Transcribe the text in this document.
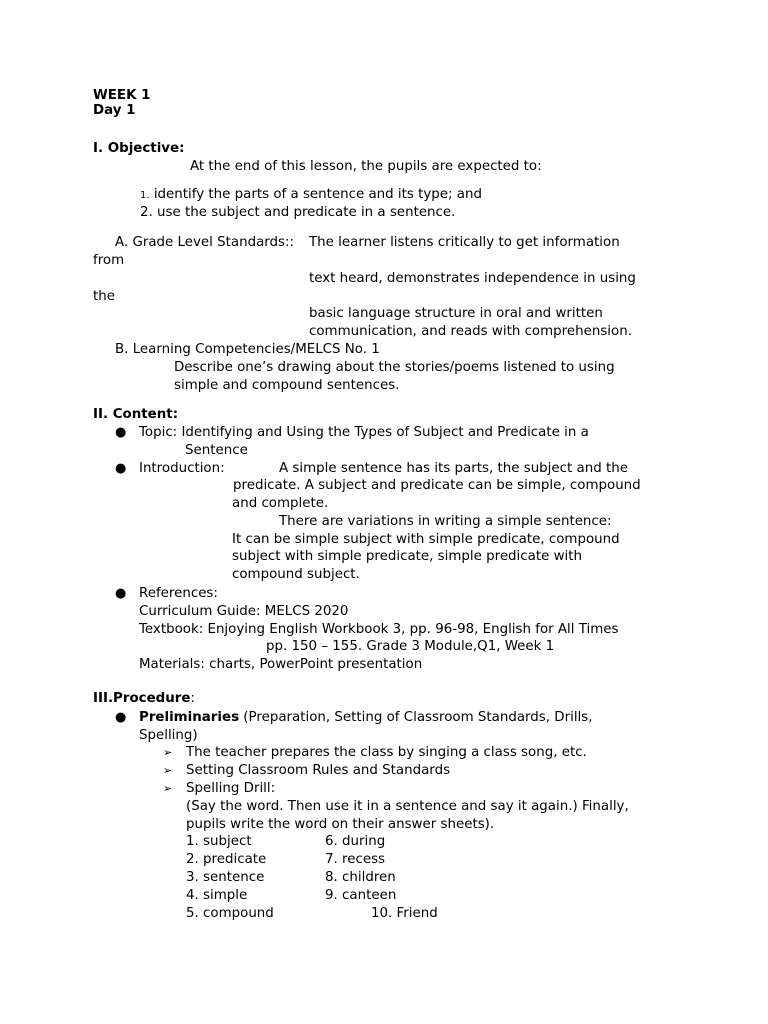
WEEK 1
Day 1
I. Objective:
At the end of this lesson, the pupils are expected to:
1. identify the parts of a sentence and its type; and
2. use the subject and predicate in a sentence.
A. Grade Level Standards:: The learner listens critically to get information
from
text heard, demonstrates independence in using
the
basic language structure in oral and written
communication, and reads with comprehension.
B. Learning Competencies/MELCS No. 1
Describe one’s drawing about the stories/poems listened to using
simple and compound sentences.
II. Content:
● Topic: Identifying and Using the Types of Subject and Predicate in a
Sentence
● Introduction:	A simple sentence has its parts, the subject and the
predicate. A subject and predicate can be simple, compound
and complete.
There are variations in writing a simple sentence:
It can be simple subject with simple predicate, compound
subject with simple predicate, simple predicate with
compound subject.
● References:
Curriculum Guide: MELCS 2020
Textbook: Enjoying English Workbook 3, pp. 96-98, English for All Times
pp. 150 – 155. Grade 3 Module,Q1, Week 1
Materials: charts, PowerPoint presentation
III.Procedure:
● Preliminaries (Preparation, Setting of Classroom Standards, Drills,
Spelling)
➢ The teacher prepares the class by singing a class song, etc.
➢ Setting Classroom Rules and Standards
➢ Spelling Drill:
(Say the word. Then use it in a sentence and say it again.) Finally,
pupils write the word on their answer sheets).
1. subject
2. predicate
3. sentence
4. simple
5. compound
6. during
7. recess
8. children
9. canteen
10. Friend
